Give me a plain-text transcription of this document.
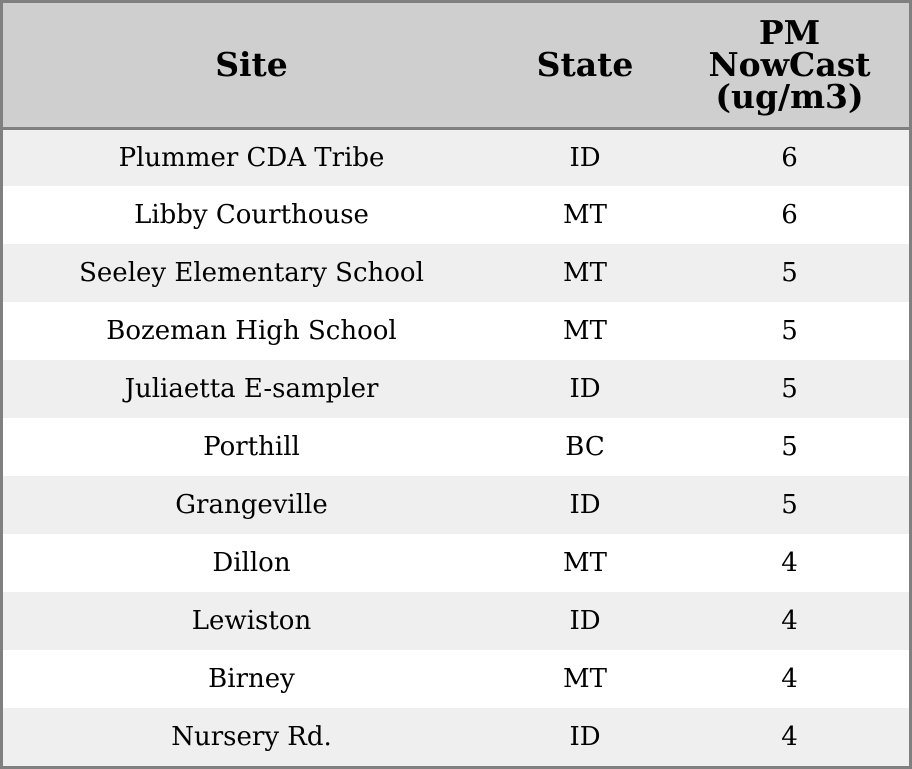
Site	State	PM
NowCast
(ug/m3)

Plummer CDA Tribe	ID	6
Libby Courthouse	MT	6
Seeley Elementary School	MT	5
Bozeman High School	MT	5
Juliaetta E-sampler	ID	5
Porthill	BC	5
Grangeville	ID	5
Dillon	MT	4
Lewiston	ID	4
Birney	MT	4
Nursery Rd.	ID	4
